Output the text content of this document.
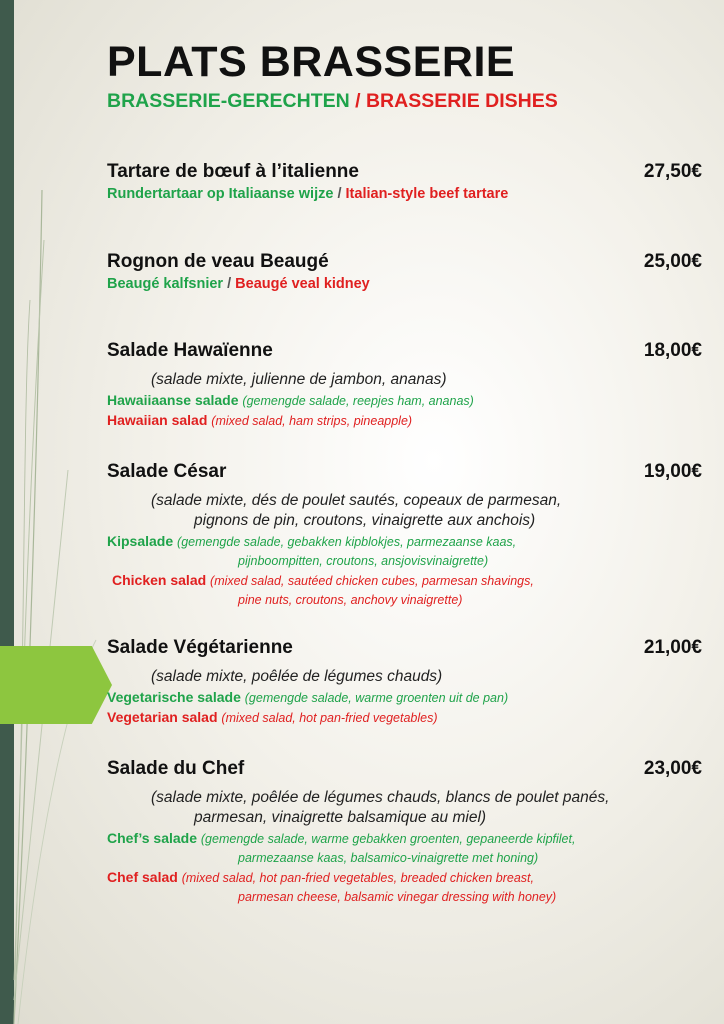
PLATS BRASSERIE
BRASSERIE-GERECHTEN / BRASSERIE DISHES
Tartare de bœuf à l’italienne	27,50€
Rundertartaar op Italiaanse wijze / Italian-style beef tartare
Rognon de veau Beaugé	25,00€
Beaugé kalfsnier / Beaugé veal kidney
Salade Hawaïenne	18,00€
(salade mixte, julienne de jambon, ananas)
Hawaiiaanse salade (gemengde salade, reepjes ham, ananas)
Hawaiian salad (mixed salad, ham strips, pineapple)
Salade César	19,00€
(salade mixte, dés de poulet sautés, copeaux de parmesan,
pignons de pin, croutons, vinaigrette aux anchois)
Kipsalade (gemengde salade, gebakken kipblokjes, parmezaanse kaas,
pijnboompitten, croutons, ansjovisvinaigrette)
Chicken salad (mixed salad, sautéed chicken cubes, parmesan shavings,
pine nuts, croutons, anchovy vinaigrette)
Salade Végétarienne	21,00€
(salade mixte, poêlée de légumes chauds)
Vegetarische salade (gemengde salade, warme groenten uit de pan)
Vegetarian salad (mixed salad, hot pan-fried vegetables)
Salade du Chef	23,00€
(salade mixte, poêlée de légumes chauds, blancs de poulet panés,
parmesan, vinaigrette balsamique au miel)
Chef’s salade (gemengde salade, warme gebakken groenten, gepaneerde kipfilet,
parmezaanse kaas, balsamico-vinaigrette met honing)
Chef salad (mixed salad, hot pan-fried vegetables, breaded chicken breast,
parmesan cheese, balsamic vinegar dressing with honey)
